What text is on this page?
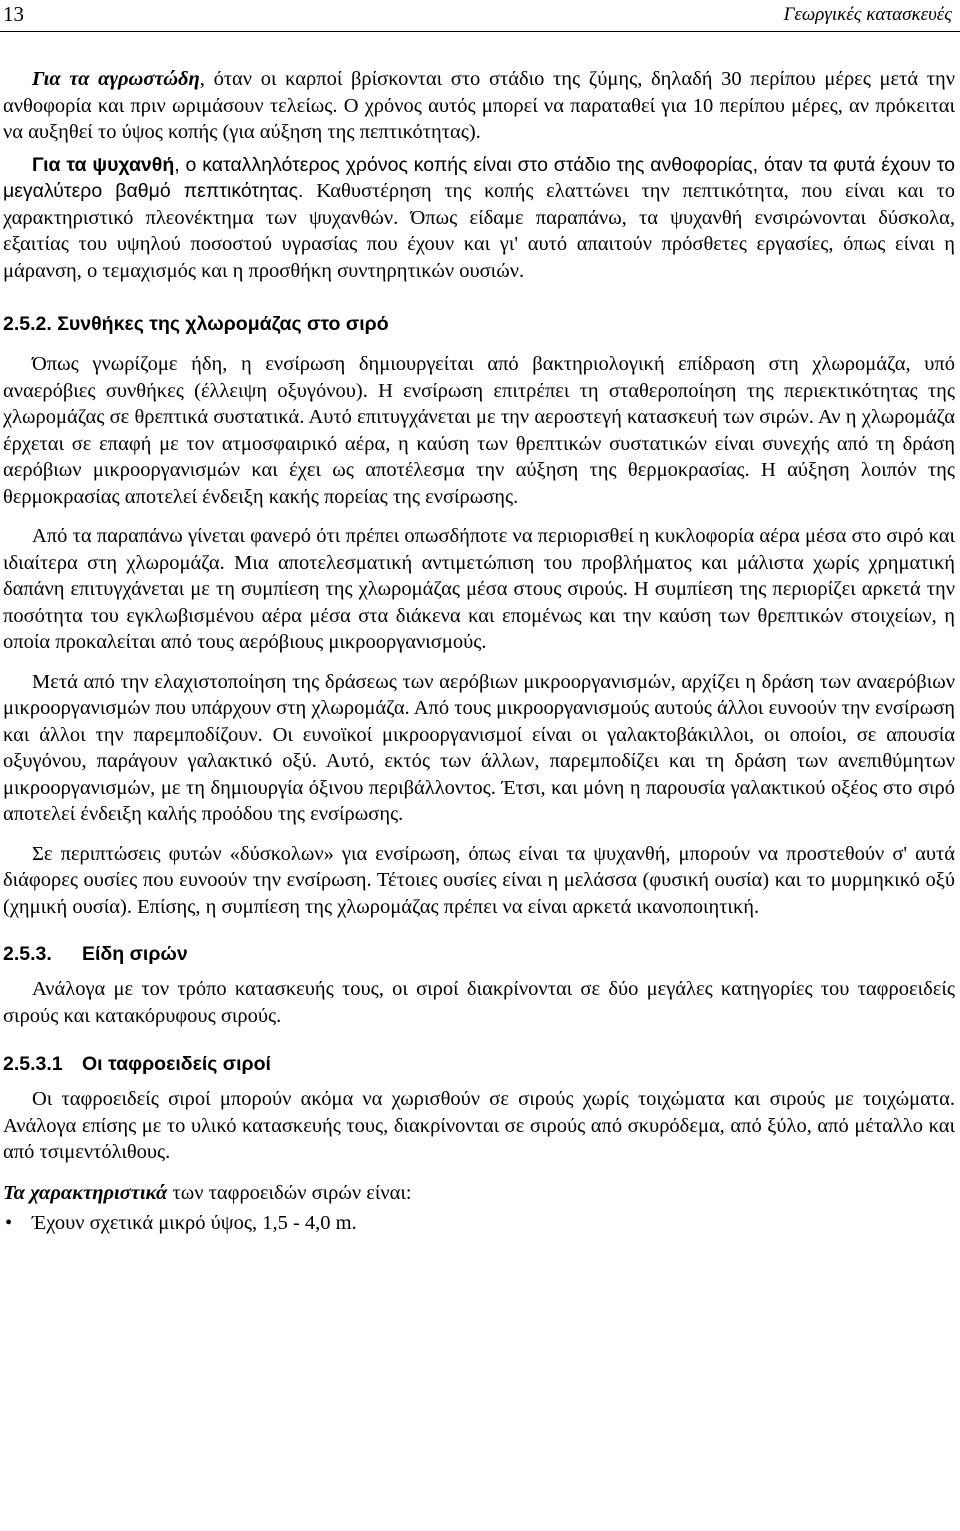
13	Γεωργικές κατασκευές

Για τα αγρωστώδη, όταν οι καρποί βρίσκονται στο στάδιο της ζύμης, δηλαδή 30 περίπου μέρες μετά την ανθοφορία και πριν ωριμάσουν τελείως. Ο χρόνος αυτός μπορεί να παραταθεί για 10 περίπου μέρες, αν πρόκειται να αυξηθεί το ύψος κοπής (για αύξηση της πεπτικότητας).

Για τα ψυχανθή, ο καταλληλότερος χρόνος κοπής είναι στο στάδιο της ανθοφορίας, όταν τα φυτά έχουν το μεγαλύτερο βαθμό πεπτικότητας. Καθυστέρηση της κοπής ελαττώνει την πεπτικότητα, που είναι και το χαρακτηριστικό πλεονέκτημα των ψυχανθών. Όπως είδαμε παραπάνω, τα ψυχανθή ενσιρώνονται δύσκολα, εξαιτίας του υψηλού ποσοστού υγρασίας που έχουν και γι' αυτό απαιτούν πρόσθετες εργασίες, όπως είναι η μάρανση, ο τεμαχισμός και η προσθήκη συντηρητικών ουσιών.

2.5.2. Συνθήκες της χλωρομάζας στο σιρό

Όπως γνωρίζομε ήδη, η ενσίρωση δημιουργείται από βακτηριολογική επίδραση στη χλωρομάζα, υπό αναερόβιες συνθήκες (έλλειψη οξυγόνου). Η ενσίρωση επιτρέπει τη σταθεροποίηση της περιεκτικότητας της χλωρομάζας σε θρεπτικά συστατικά. Αυτό επιτυγχάνεται με την αεροστεγή κατασκευή των σιρών. Αν η χλωρομάζα έρχεται σε επαφή με τον ατμοσφαιρικό αέρα, η καύση των θρεπτικών συστατικών είναι συνεχής από τη δράση αερόβιων μικροοργανισμών και έχει ως αποτέλεσμα την αύξηση της θερμοκρασίας. Η αύξηση λοιπόν της θερμοκρασίας αποτελεί ένδειξη κακής πορείας της ενσίρωσης.

Από τα παραπάνω γίνεται φανερό ότι πρέπει οπωσδήποτε να περιορισθεί η κυκλοφορία αέρα μέσα στο σιρό και ιδιαίτερα στη χλωρομάζα. Μια αποτελεσματική αντιμετώπιση του προβλήματος και μάλιστα χωρίς χρηματική δαπάνη επιτυγχάνεται με τη συμπίεση της χλωρομάζας μέσα στους σιρούς. Η συμπίεση της περιορίζει αρκετά την ποσότητα του εγκλωβισμένου αέρα μέσα στα διάκενα και επομένως και την καύση των θρεπτικών στοιχείων, η οποία προκαλείται από τους αερόβιους μικροοργανισμούς.

Μετά από την ελαχιστοποίηση της δράσεως των αερόβιων μικροοργανισμών, αρχίζει η δράση των αναερόβιων μικροοργανισμών που υπάρχουν στη χλωρομάζα. Από τους μικροοργανισμούς αυτούς άλλοι ευνοούν την ενσίρωση και άλλοι την παρεμποδίζουν. Οι ευνοϊκοί μικροοργανισμοί είναι οι γαλακτοβάκιλλοι, οι οποίοι, σε απουσία οξυγόνου, παράγουν γαλακτικό οξύ. Αυτό, εκτός των άλλων, παρεμποδίζει και τη δράση των ανεπιθύμητων μικροοργανισμών, με τη δημιουργία όξινου περιβάλλοντος. Έτσι, και μόνη η παρουσία γαλακτικού οξέος στο σιρό αποτελεί ένδειξη καλής προόδου της ενσίρωσης.

Σε περιπτώσεις φυτών «δύσκολων» για ενσίρωση, όπως είναι τα ψυχανθή, μπορούν να προστεθούν σ' αυτά διάφορες ουσίες που ευνοούν την ενσίρωση. Τέτοιες ουσίες είναι η μελάσσα (φυσική ουσία) και το μυρμηκικό οξύ (χημική ουσία). Επίσης, η συμπίεση της χλωρομάζας πρέπει να είναι αρκετά ικανοποιητική.

2.5.3. Είδη σιρών

Ανάλογα με τον τρόπο κατασκευής τους, οι σιροί διακρίνονται σε δύο μεγάλες κατηγορίες του ταφροειδείς σιρούς και κατακόρυφους σιρούς.

2.5.3.1 Οι ταφροειδείς σιροί

Οι ταφροειδείς σιροί μπορούν ακόμα να χωρισθούν σε σιρούς χωρίς τοιχώματα και σιρούς με τοιχώματα. Ανάλογα επίσης με το υλικό κατασκευής τους, διακρίνονται σε σιρούς από σκυρόδεμα, από ξύλο, από μέταλλο και από τσιμεντόλιθους.

Τα χαρακτηριστικά των ταφροειδών σιρών είναι:

• Έχουν σχετικά μικρό ύψος, 1,5 - 4,0 m.
